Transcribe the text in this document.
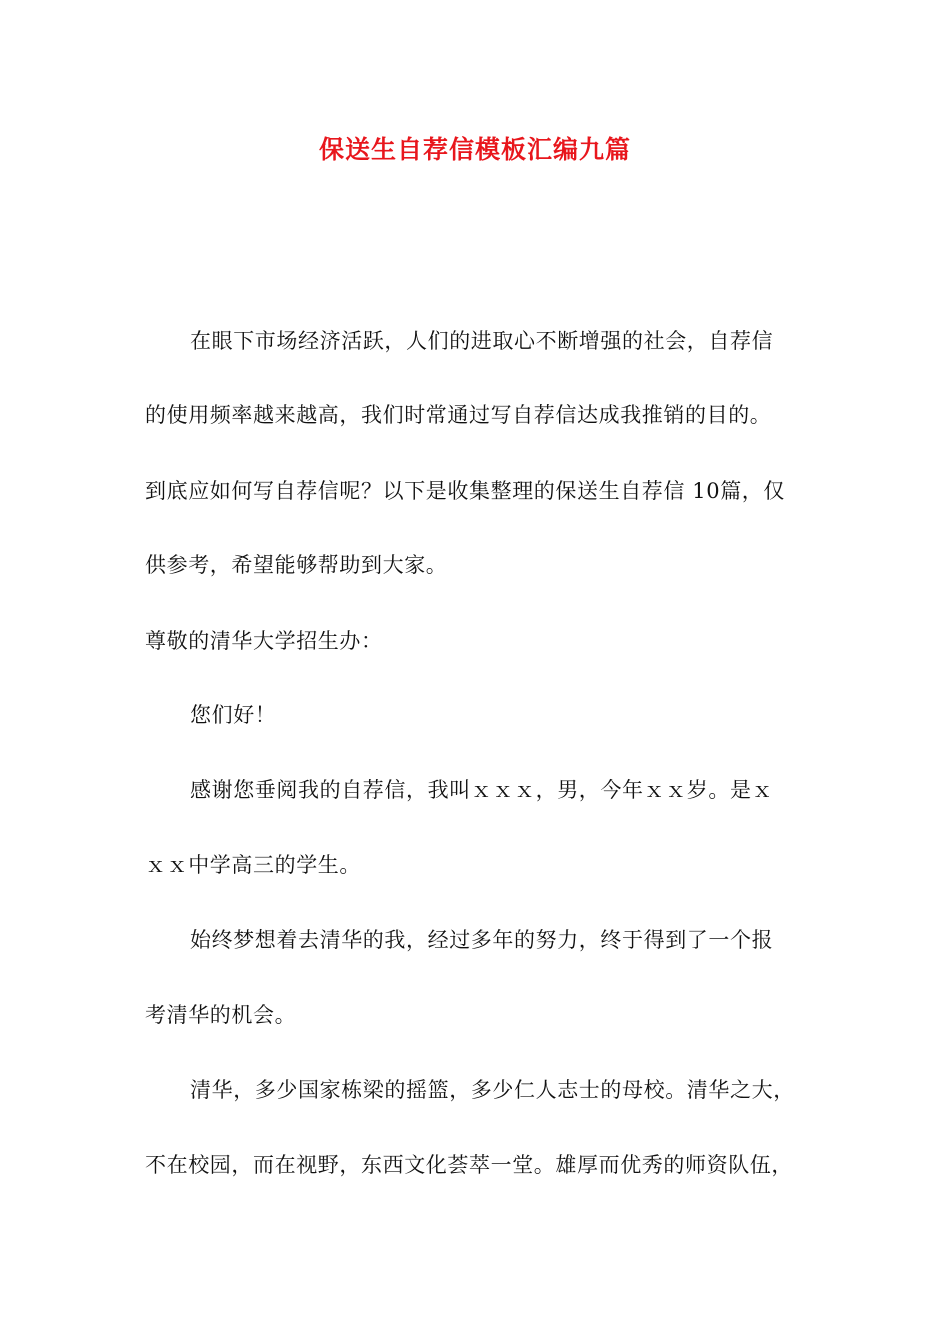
保送生自荐信模板汇编九篇
在眼下市场经济活跃，人们的进取心不断增强的社会，自荐信
的使用频率越来越高，我们时常通过写自荐信达成我推销的目的。
到底应如何写自荐信呢？以下是收集整理的保送生自荐信 10篇，仅
供参考，希望能够帮助到大家。
尊敬的清华大学招生办：
您们好！
感谢您垂阅我的自荐信，我叫ｘｘｘ，男，今年ｘｘ岁。是ｘ
ｘｘ中学高三的学生。
始终梦想着去清华的我，经过多年的努力，终于得到了一个报
考清华的机会。
清华，多少国家栋梁的摇篮，多少仁人志士的母校。清华之大，
不在校园，而在视野，东西文化荟萃一堂。雄厚而优秀的师资队伍，
